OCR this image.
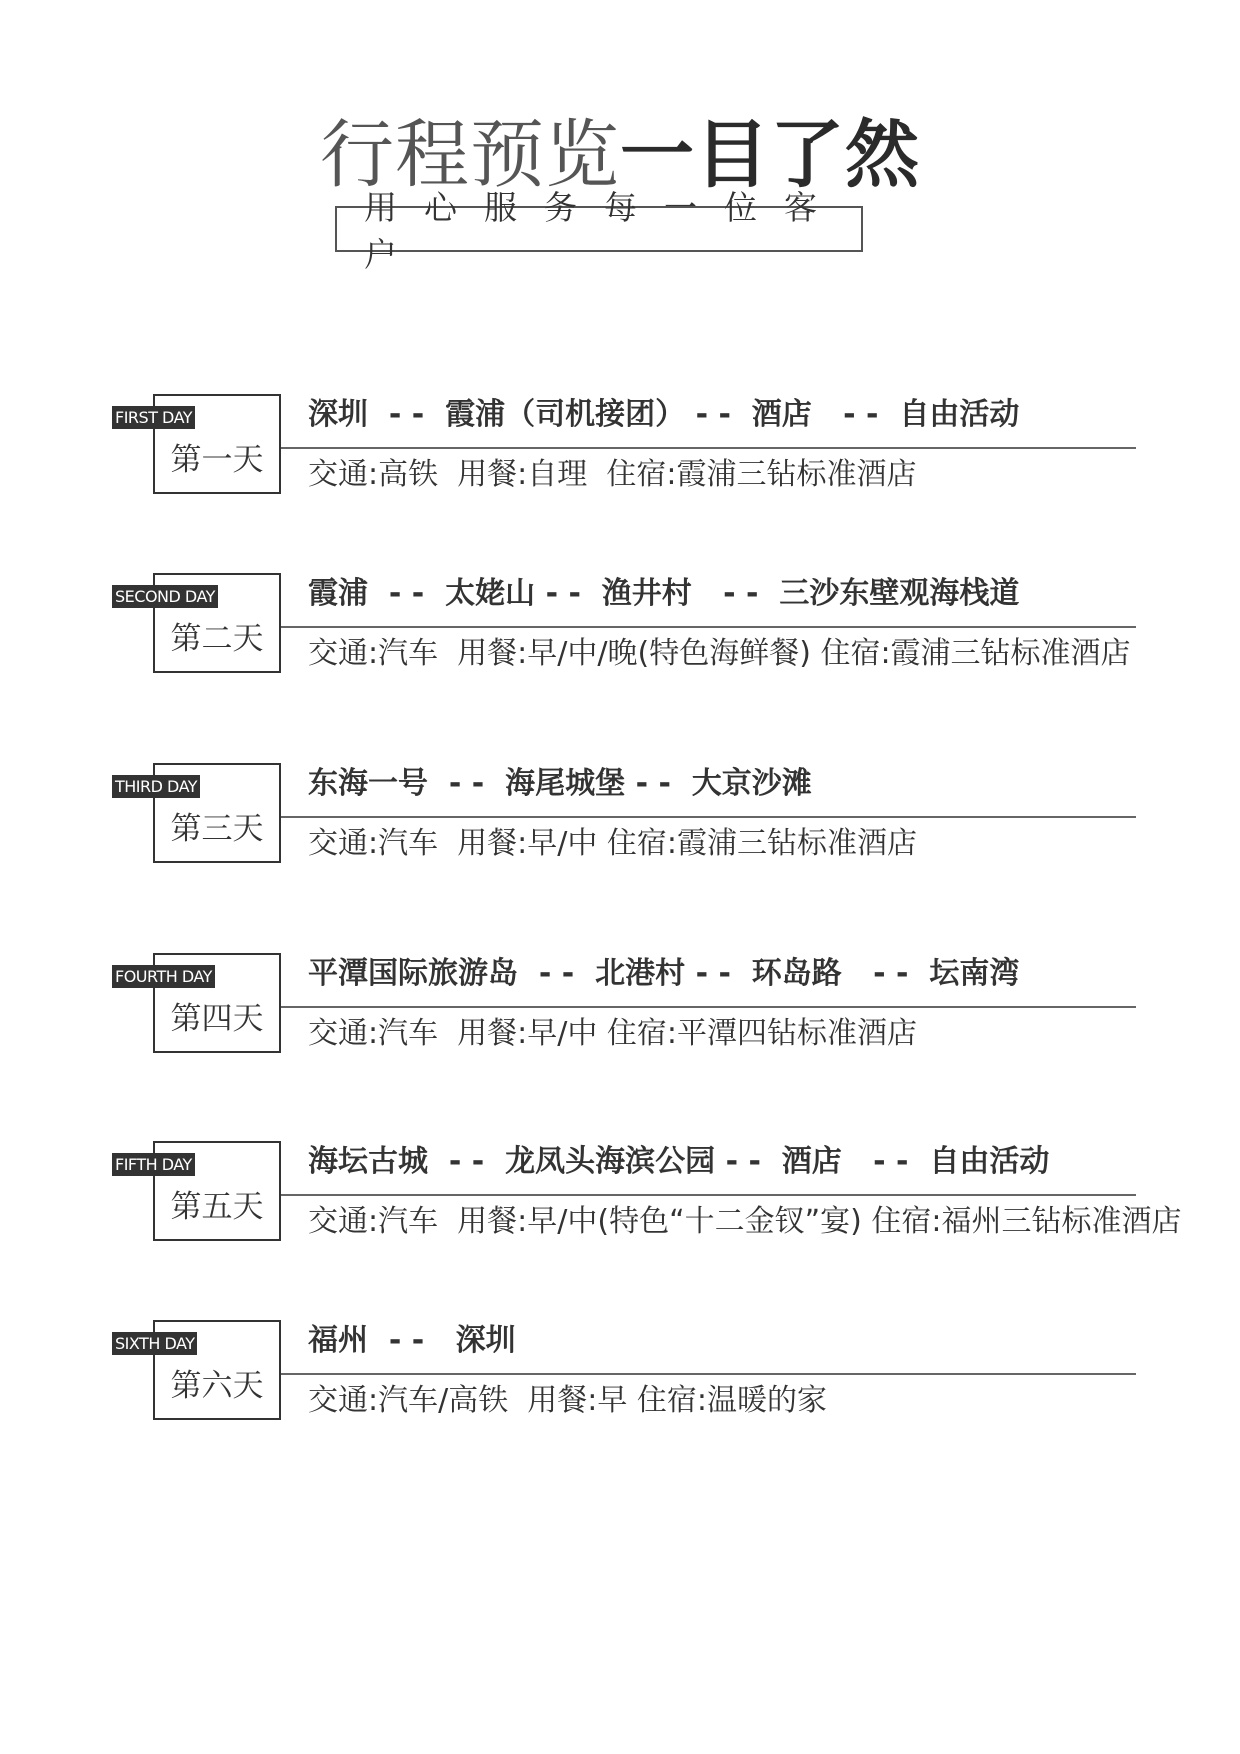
行程预览一目了然
用心服务每一位客户
FIRST DAY
第一天
深圳  - -  霞浦（司机接团） - -  酒店   - -  自由活动
交通:高铁  用餐:自理  住宿:霞浦三钻标准酒店
SECOND DAY
第二天
霞浦  - -  太姥山 - -  渔井村   - -  三沙东壁观海栈道
交通:汽车  用餐:早/中/晚(特色海鲜餐) 住宿:霞浦三钻标准酒店
THIRD DAY
第三天
东海一号  - -  海尾城堡 - -  大京沙滩
交通:汽车  用餐:早/中 住宿:霞浦三钻标准酒店
FOURTH DAY
第四天
平潭国际旅游岛  - -  北港村 - -  环岛路   - -  坛南湾
交通:汽车  用餐:早/中 住宿:平潭四钻标准酒店
FIFTH DAY
第五天
海坛古城  - -  龙凤头海滨公园 - -  酒店   - -  自由活动
交通:汽车  用餐:早/中(特色“十二金钗”宴) 住宿:福州三钻标准酒店
SIXTH DAY
第六天
福州  - -   深圳
交通:汽车/高铁  用餐:早 住宿:温暖的家
